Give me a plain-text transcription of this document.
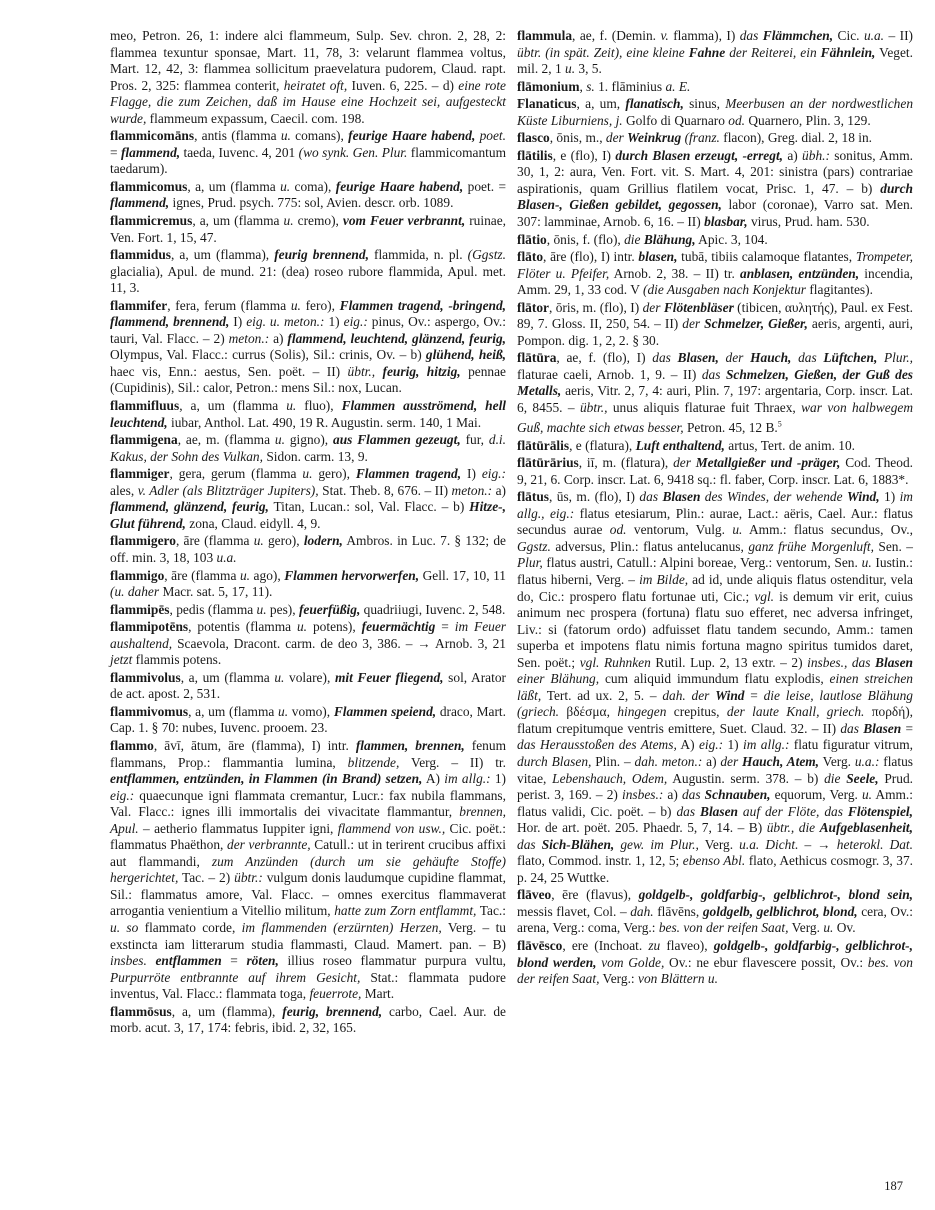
meo, Petron. 26, 1: indere alci flammeum, Sulp. Sev. chron. 2, 28, 2: flammea texuntur sponsae, Mart. 11, 78, 3: velarunt flammea voltus, Mart. 12, 42, 3: flammea sollicitum praevelatura pudorem, Claud. rapt. Pros. 2, 325: flammea conterit, heiratet oft, Iuven. 6, 225. – d) eine rote Flagge, die zum Zeichen, daß im Hause eine Hochzeit sei, aufgesteckt wurde, flammeum expassum, Caecil. com. 198.
flammicomāns, antis (flamma u. comans), feurige Haare habend, poet. = flammend, taeda, Iuvenc. 4, 201 (wo synk. Gen. Plur. flammicomantum taedarum).
flammicomus, a, um (flamma u. coma), feurige Haare habend, poet. = flammend, ignes, Prud. psych. 775: sol, Avien. descr. orb. 1089.
flammicremus, a, um (flamma u. cremo), vom Feuer verbrannt, ruinae, Ven. Fort. 1, 15, 47.
flammidus, a, um (flamma), feurig brennend, flammida, n. pl. (Ggstz. glacialia), Apul. de mund. 21: (dea) roseo rubore flammida, Apul. met. 11, 3.
flammifer, fera, ferum (flamma u. fero), Flammen tragend, -bringend, flammend, brennend, I) eig. u. meton.: 1) eig.: pinus, Ov.: aspergo, Ov.: tauri, Val. Flacc. – 2) meton.: a) flammend, leuchtend, glänzend, feurig, Olympus, Val. Flacc.: currus (Solis), Sil.: crinis, Ov. – b) glühend, heiß, haec vis, Enn.: aestus, Sen. poët. – II) übtr., feurig, hitzig, pennae (Cupidinis), Sil.: calor, Petron.: mens Sil.: nox, Lucan.
flammifluus, a, um (flamma u. fluo), Flammen ausströmend, hell leuchtend, iubar, Anthol. Lat. 490, 19 R. Augustin. serm. 140, 1 Mai.
flammigena, ae, m. (flamma u. gigno), aus Flammen gezeugt, fur, d.i. Kakus, der Sohn des Vulkan, Sidon. carm. 13, 9.
flammiger, gera, gerum (flamma u. gero), Flammen tragend, I) eig.: ales, v. Adler (als Blitzträger Jupiters), Stat. Theb. 8, 676. – II) meton.: a) flammend, glänzend, feurig, Titan, Lucan.: sol, Val. Flacc. – b) Hitze-, Glut führend, zona, Claud. eidyll. 4, 9.
flammigero, āre (flamma u. gero), lodern, Ambros. in Luc. 7. § 132; de off. min. 3, 18, 103 u.a.
flammigo, āre (flamma u. ago), Flammen hervorwerfen, Gell. 17, 10, 11 (u. daher Macr. sat. 5, 17, 11).
flammipēs, pedis (flamma u. pes), feuerfüßig, quadriiugi, Iuvenc. 2, 548.
flammipotēns, potentis (flamma u. potens), feuermächtig = im Feuer aushaltend, Scaevola, Dracont. carm. de deo 3, 386. – → Arnob. 3, 21 jetzt flammis potens.
flammivolus, a, um (flamma u. volare), mit Feuer fliegend, sol, Arator de act. apost. 2, 531.
flammivomus, a, um (flamma u. vomo), Flammen speiend, draco, Mart. Cap. 1. § 70: nubes, Iuvenc. prooem. 23.
flammo, āvī, ātum, āre (flamma), I) intr. flammen, brennen, fenum flammans, Prop.: flammantia lumina, blitzende, Verg. – II) tr. entflammen, entzünden, in Flammen (in Brand) setzen, A) im allg.: 1) eig.: quaecunque igni flammata cremantur, Lucr.: fax nubila flammans, Val. Flacc.: ignes illi immortalis dei vivacitate flammantur, brennen, Apul. – aetherio flammatus Iuppiter igni, flammend von usw., Cic. poët.: flammatus Phaëthon, der verbrannte, Catull.: ut in terirent crucibus affixi aut flammandi, zum Anzünden (durch um sie gehäufte Stoffe) hergerichtet, Tac. – 2) übtr.: vulgum donis laudumque cupidine flammat, Sil.: flammatus amore, Val. Flacc. – omnes exercitus flammaverat arrogantia venientium a Vitellio militum, hatte zum Zorn entflammt, Tac.: u. so flammato corde, im flammenden (erzürnten) Herzen, Verg. – tu exstincta iam litterarum studia flammasti, Claud. Mamert. pan. – B) insbes. entflammen = röten, illius roseo flammatur purpura vultu, Purpurröte entbrannte auf ihrem Gesicht, Stat.: flammata pudore inventus, Val. Flacc.: flammata toga, feuerrote, Mart.
flammōsus, a, um (flamma), feurig, brennend, carbo, Cael. Aur. de morb. acut. 3, 17, 174: febris, ibid. 2, 32, 165.
flammula, ae, f. (Demin. v. flamma), I) das Flämmchen, Cic. u.a. – II) übtr. (in spät. Zeit), eine kleine Fahne der Reiterei, ein Fähnlein, Veget. mil. 2, 1 u. 3, 5.
flāmonium, s. 1. flāminius a. E.
Flanaticus, a, um, flanatisch, sinus, Meerbusen an der nordwestlichen Küste Liburniens, j. Golfo di Quarnaro od. Quarnero, Plin. 3, 129.
flasco, ōnis, m., der Weinkrug (franz. flacon), Greg. dial. 2, 18 in.
flātilis, e (flo), I) durch Blasen erzeugt, -erregt, a) übh.: sonitus, Amm. 30, 1, 2: aura, Ven. Fort. vit. S. Mart. 4, 201: sinistra (pars) contrariae aspirationis, quam Grillius flatilem vocat, Prisc. 1, 47. – b) durch Blasen-, Gießen gebildet, gegossen, labor (coronae), Varro sat. Men. 307: lamminae, Arnob. 6, 16. – II) blasbar, virus, Prud. ham. 530.
flātio, ōnis, f. (flo), die Blähung, Apic. 3, 104.
flāto, āre (flo), I) intr. blasen, tubā, tibiis calamoque flatantes, Trompeter, Flöter u. Pfeifer, Arnob. 2, 38. – II) tr. anblasen, entzünden, incendia, Amm. 29, 1, 33 cod. V (die Ausgaben nach Konjektur flagitantes).
flātor, ōris, m. (flo), I) der Flötenbläser (tibicen, αυλητής), Paul. ex Fest. 89, 7. Gloss. II, 250, 54. – II) der Schmelzer, Gießer, aeris, argenti, auri, Pompon. dig. 1, 2, 2. § 30.
flātūra, ae, f. (flo), I) das Blasen, der Hauch, das Lüftchen, Plur., flaturae caeli, Arnob. 1, 9. – II) das Schmelzen, Gießen, der Guß des Metalls, aeris, Vitr. 2, 7, 4: auri, Plin. 7, 197: argentaria, Corp. inscr. Lat. 6, 8455. – übtr., unus aliquis flaturae fuit Thraex, war von halbwegem Guß, machte sich etwas besser, Petron. 45, 12 B.$^5$
flātūrālis, e (flatura), Luft enthaltend, artus, Tert. de anim. 10.
flātūrārius, iī, m. (flatura), der Metallgießer und -präger, Cod. Theod. 9, 21, 6. Corp. inscr. Lat. 6, 9418 sq.: fl. faber, Corp. inscr. Lat. 6, 1883*.
flātus, ūs, m. (flo), I) das Blasen des Windes, der wehende Wind, 1) im allg., eig.: flatus etesiarum, Plin.: aurae, Lact.: aëris, Cael. Aur.: flatus secundus aurae od. ventorum, Vulg. u. Amm.: flatus secundus, Ov., Ggstz. adversus, Plin.: flatus antelucanus, ganz frühe Morgenluft, Sen. – Plur, flatus austri, Catull.: Alpini boreae, Verg.: ventorum, Sen. u. Iustin.: flatus hiberni, Verg. – im Bilde, ad id, unde aliquis flatus ostenditur, vela do, Cic.: prospero flatu fortunae uti, Cic.; vgl. is demum vir erit, cuius animum nec prospera (fortuna) flatu suo efferet, nec adversa infringet, Liv.: si (fatorum ordo) adfuisset flatu tandem secundo, Amm.: tamen superba et impotens flatu nimis fortuna magno spiritus tumidos daret, Sen. poët.; vgl. Ruhnken Rutil. Lup. 2, 13 extr. – 2) insbes., das Blasen einer Blähung, cum aliquid immundum flatu explodis, einen streichen läßt, Tert. ad ux. 2, 5. – dah. der Wind = die leise, lautlose Blähung (griech. βδέσμα, hingegen crepitus, der laute Knall, griech. πορδή), flatum crepitumque ventris emittere, Suet. Claud. 32. – II) das Blasen = das Herausstoßen des Atems, A) eig.: 1) im allg.: flatu figuratur vitrum, durch Blasen, Plin. – dah. meton.: a) der Hauch, Atem, Verg. u.a.: flatus vitae, Lebenshauch, Odem, Augustin. serm. 378. – b) die Seele, Prud. perist. 3, 169. – 2) insbes.: a) das Schnauben, equorum, Verg. u. Amm.: flatus validi, Cic. poët. – b) das Blasen auf der Flöte, das Flötenspiel, Hor. de art. poët. 205. Phaedr. 5, 7, 14. – B) übtr., die Aufgeblasenheit, das Sich-Blähen, gew. im Plur., Verg. u.a. Dicht. – → heterokl. Dat. flato, Commod. instr. 1, 12, 5; ebenso Abl. flato, Aethicus cosmogr. 3, 37. p. 24, 25 Wuttke.
flāveo, ēre (flavus), goldgelb-, goldfarbig-, gelblichrot-, blond sein, messis flavet, Col. – dah. flāvēns, goldgelb, gelblichrot, blond, cera, Ov.: arena, Verg.: coma, Verg.: bes. von der reifen Saat, Verg. u. Ov.
flāvēsco, ere (Inchoat. zu flaveo), goldgelb-, goldfarbig-, gelblichrot-, blond werden, vom Golde, Ov.: ne ebur flavescere possit, Ov.: bes. von der reifen Saat, Verg.: von Blättern u.
187
